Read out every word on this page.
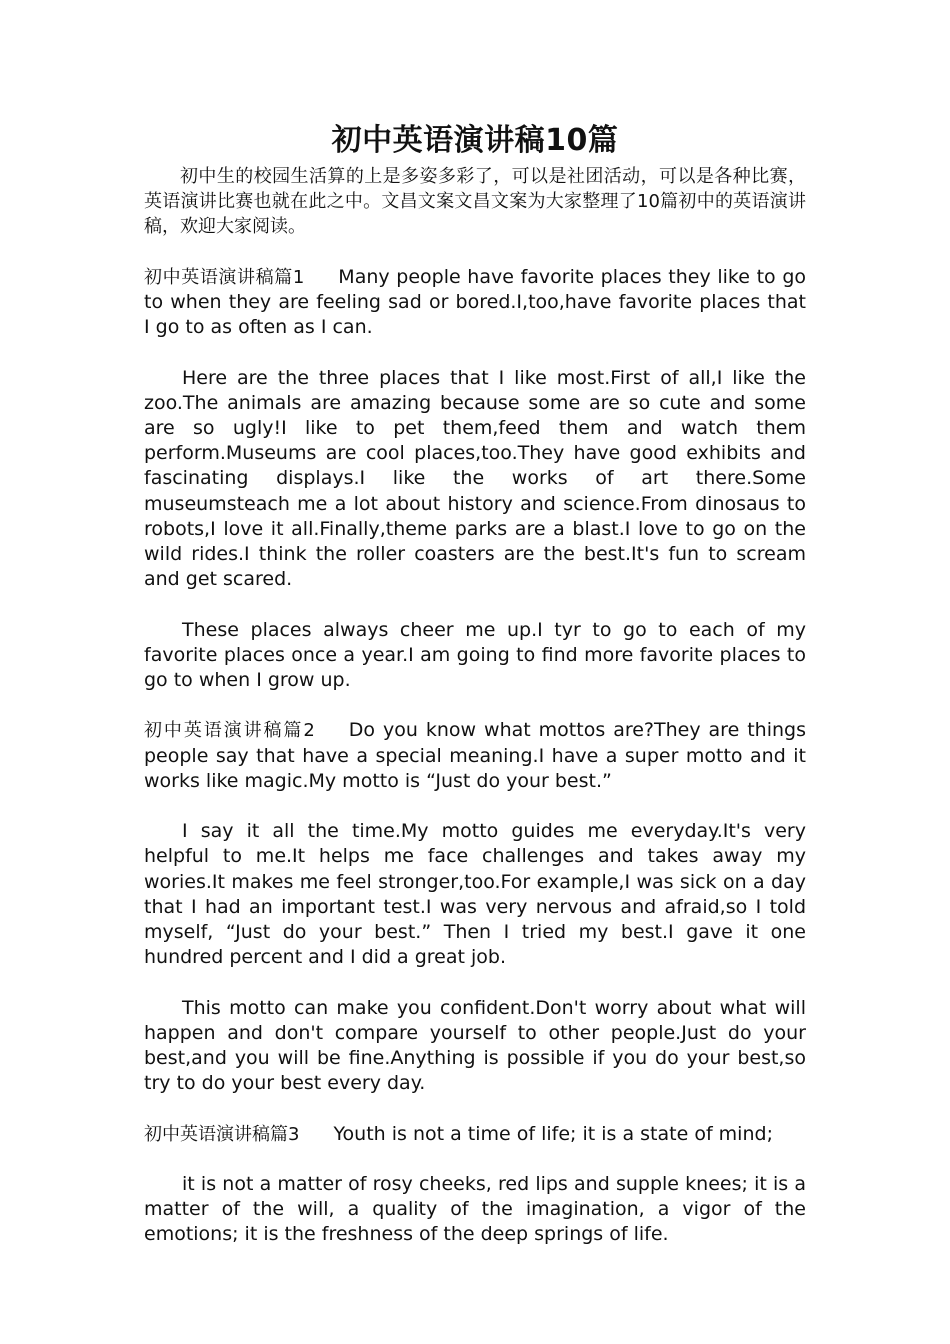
初中英语演讲稿10篇

初中生的校园生活算的上是多姿多彩了，可以是社团活动，可以是各种比赛，英语演讲比赛也就在此之中。文昌文案文昌文案为大家整理了10篇初中的英语演讲稿，欢迎大家阅读。

初中英语演讲稿篇1 Many people have favorite places they like to go to when they are feeling sad or bored.I,too,have favorite places that I go to as often as I can.

Here are the three places that I like most.First of all,I like the zoo.The animals are amazing because some are so cute and some are so ugly!I like to pet them,feed them and watch them perform.Museums are cool places,too.They have good exhibits and fascinating displays.I like the works of art there.Some museumsteach me a lot about history and science.From dinosaus to robots,I love it all.Finally,theme parks are a blast.I love to go on the wild rides.I think the roller coasters are the best.It's fun to scream and get scared.

These places always cheer me up.I tyr to go to each of my favorite places once a year.I am going to find more favorite places to go to when I grow up.

初中英语演讲稿篇2 Do you know what mottos are?They are things people say that have a special meaning.I have a super motto and it works like magic.My motto is “Just do your best.”

I say it all the time.My motto guides me everyday.It's very helpful to me.It helps me face challenges and takes away my wories.It makes me feel stronger,too.For example,I was sick on a day that I had an important test.I was very nervous and afraid,so I told myself, “Just do your best.” Then I tried my best.I gave it one hundred percent and I did a great job.

This motto can make you confident.Don't worry about what will happen and don't compare yourself to other people.Just do your best,and you will be fine.Anything is possible if you do your best,so try to do your best every day.

初中英语演讲稿篇3 Youth is not a time of life; it is a state of mind;

it is not a matter of rosy cheeks, red lips and supple knees; it is a matter of the will, a quality of the imagination, a vigor of the emotions; it is the freshness of the deep springs of life.
